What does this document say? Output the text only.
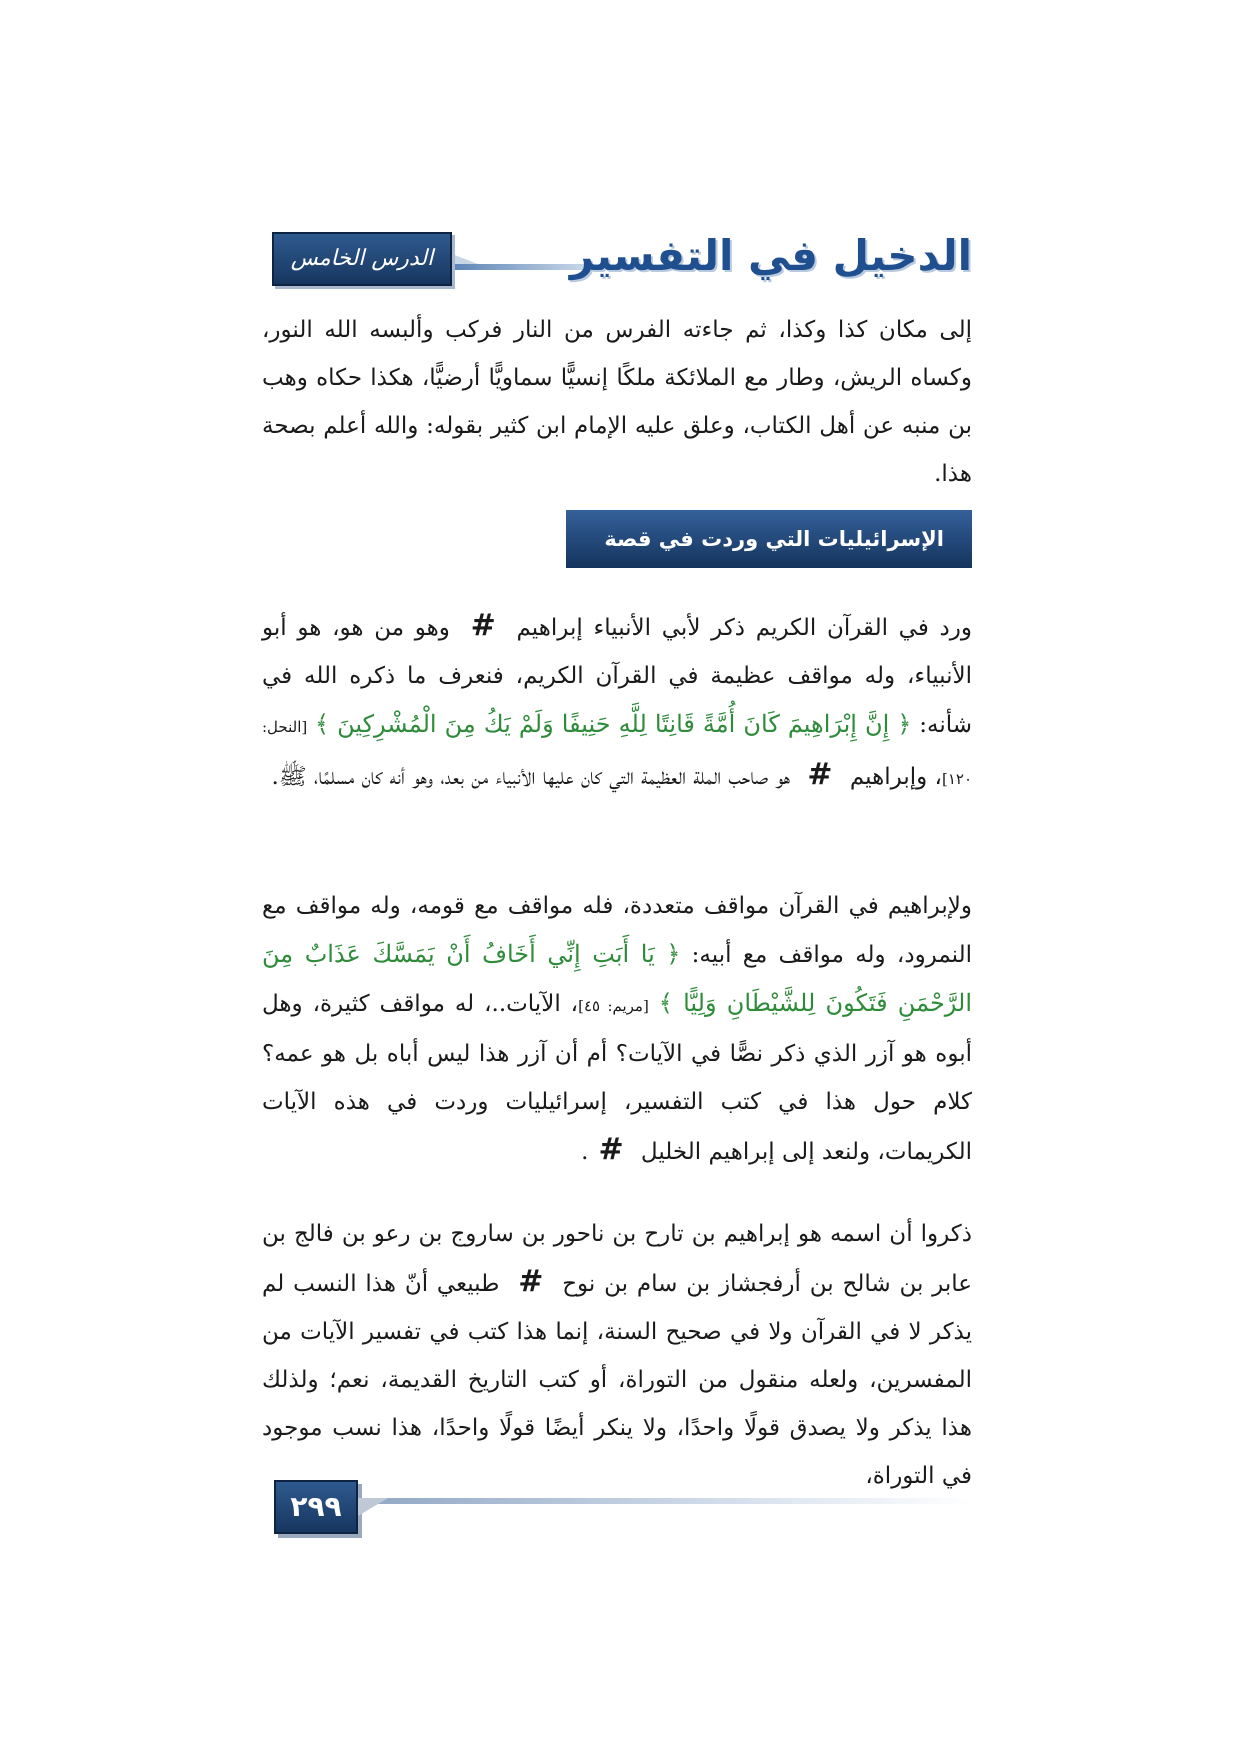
الدرس الخامس عشر
الدخيل في التفسير
إلى مكان كذا وكذا، ثم جاءته الفرس من النار فركب وألبسه الله النور، وكساه الريش، وطار مع الملائكة ملكًا إنسيًّا سماويًّا أرضيًّا، هكذا حكاه وهب بن منبه عن أهل الكتاب، وعلق عليه الإمام ابن كثير بقوله: والله أعلم بصحة هذا.
الإسرائيليات التي وردت في قصة إبراهيم #
ورد في القرآن الكريم ذكر لأبي الأنبياء إبراهيم # وهو من هو، هو أبو الأنبياء، وله مواقف عظيمة في القرآن الكريم، فنعرف ما ذكره الله في شأنه: ﴿ إِنَّ إِبْرَاهِيمَ كَانَ أُمَّةً قَانِتًا لِلَّهِ حَنِيفًا وَلَمْ يَكُ مِنَ الْمُشْرِكِينَ ﴾ [النحل: ١٢٠]، وإبراهيم # هو صاحب الملة العظيمة التي كان عليها الأنبياء من بعد، وهو أنه كان مسلمًا، ﷺ.
ولإبراهيم في القرآن مواقف متعددة، فله مواقف مع قومه، وله مواقف مع النمرود، وله مواقف مع أبيه: ﴿ يَا أَبَتِ إِنِّي أَخَافُ أَنْ يَمَسَّكَ عَذَابٌ مِنَ الرَّحْمَنِ فَتَكُونَ لِلشَّيْطَانِ وَلِيًّا ﴾ [مريم: ٤٥]، الآيات..، له مواقف كثيرة، وهل أبوه هو آزر الذي ذكر نصًّا في الآيات؟ أم أن آزر هذا ليس أباه بل هو عمه؟ كلام حول هذا في كتب التفسير، إسرائيليات وردت في هذه الآيات الكريمات، ولنعد إلى إبراهيم الخليل #.
ذكروا أن اسمه هو إبراهيم بن تارح بن ناحور بن ساروج بن رعو بن فالج بن عابر بن شالح بن أرفجشاز بن سام بن نوح # طبيعي أنّ هذا النسب لم يذكر لا في القرآن ولا في صحيح السنة، إنما هذا كتب في تفسير الآيات من المفسرين، ولعله منقول من التوراة، أو كتب التاريخ القديمة، نعم؛ ولذلك هذا يذكر ولا يصدق قولًا واحدًا، ولا ينكر أيضًا قولًا واحدًا، هذا نسب موجود في التوراة،
٢٩٩
